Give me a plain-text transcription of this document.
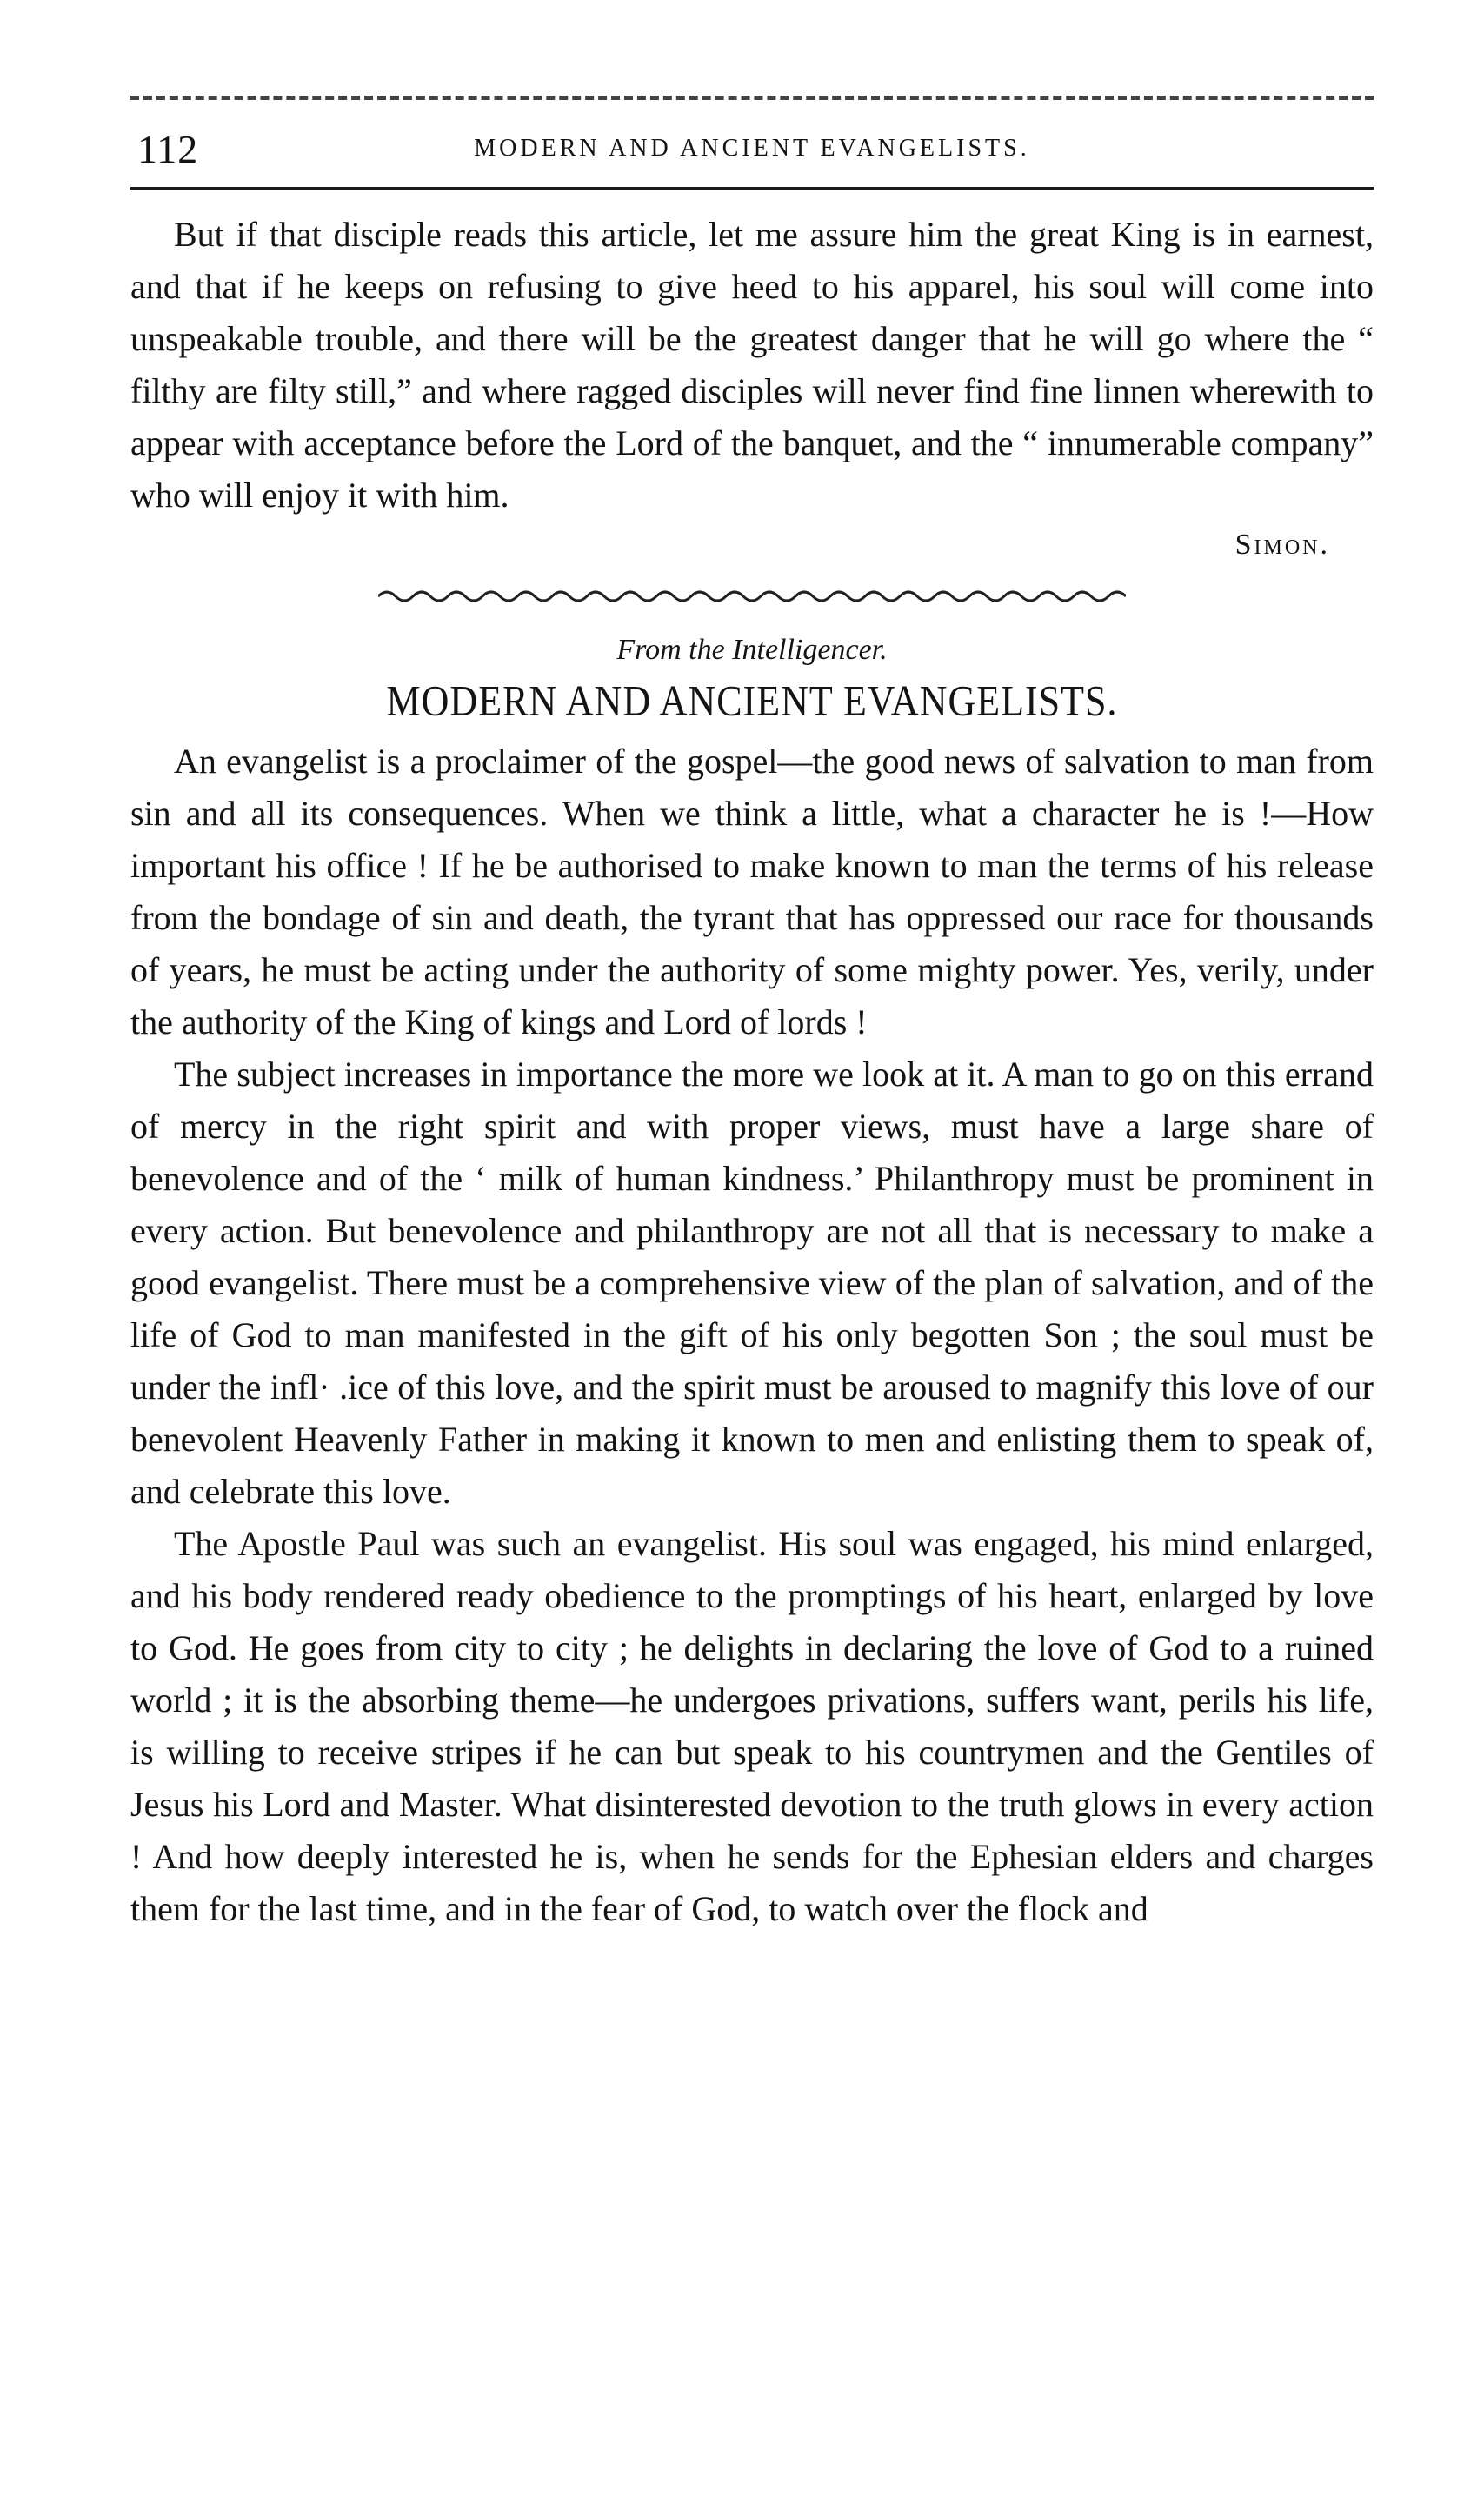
112	MODERN AND ANCIENT EVANGELISTS.

But if that disciple reads this article, let me assure him the great King is in earnest, and that if he keeps on refusing to give heed to his apparel, his soul will come into unspeakable trouble, and there will be the greatest danger that he will go where the “ filthy are filty still,” and where ragged disciples will never find fine linnen wherewith to appear with acceptance before the Lord of the banquet, and the “ innumerable company” who will enjoy it with him.

Simon.
From the Intelligencer.
MODERN AND ANCIENT EVANGELISTS.

An evangelist is a proclaimer of the gospel—the good news of salvation to man from sin and all its consequences. When we think a little, what a character he is !—How important his office ! If he be authorised to make known to man the terms of his release from the bondage of sin and death, the tyrant that has oppressed our race for thousands of years, he must be acting under the authority of some mighty power. Yes, verily, under the authority of the King of kings and Lord of lords !

The subject increases in importance the more we look at it. A man to go on this errand of mercy in the right spirit and with proper views, must have a large share of benevolence and of the ‘ milk of human kindness.’ Philanthropy must be prominent in every action. But benevolence and philanthropy are not all that is necessary to make a good evangelist. There must be a comprehensive view of the plan of salvation, and of the life of God to man manifested in the gift of his only begotten Son ; the soul must be under the infl· .ice of this love, and the spirit must be aroused to magnify this love of our benevolent Heavenly Father in making it known to men and enlisting them to speak of, and celebrate this love.

The Apostle Paul was such an evangelist. His soul was engaged, his mind enlarged, and his body rendered ready obedience to the promptings of his heart, enlarged by love to God. He goes from city to city ; he delights in declaring the love of God to a ruined world ; it is the absorbing theme—he undergoes privations, suffers want, perils his life, is willing to receive stripes if he can but speak to his countrymen and the Gentiles of Jesus his Lord and Master. What disinterested devotion to the truth glows in every action ! And how deeply interested he is, when he sends for the Ephesian elders and charges them for the last time, and in the fear of God, to watch over the flock and
